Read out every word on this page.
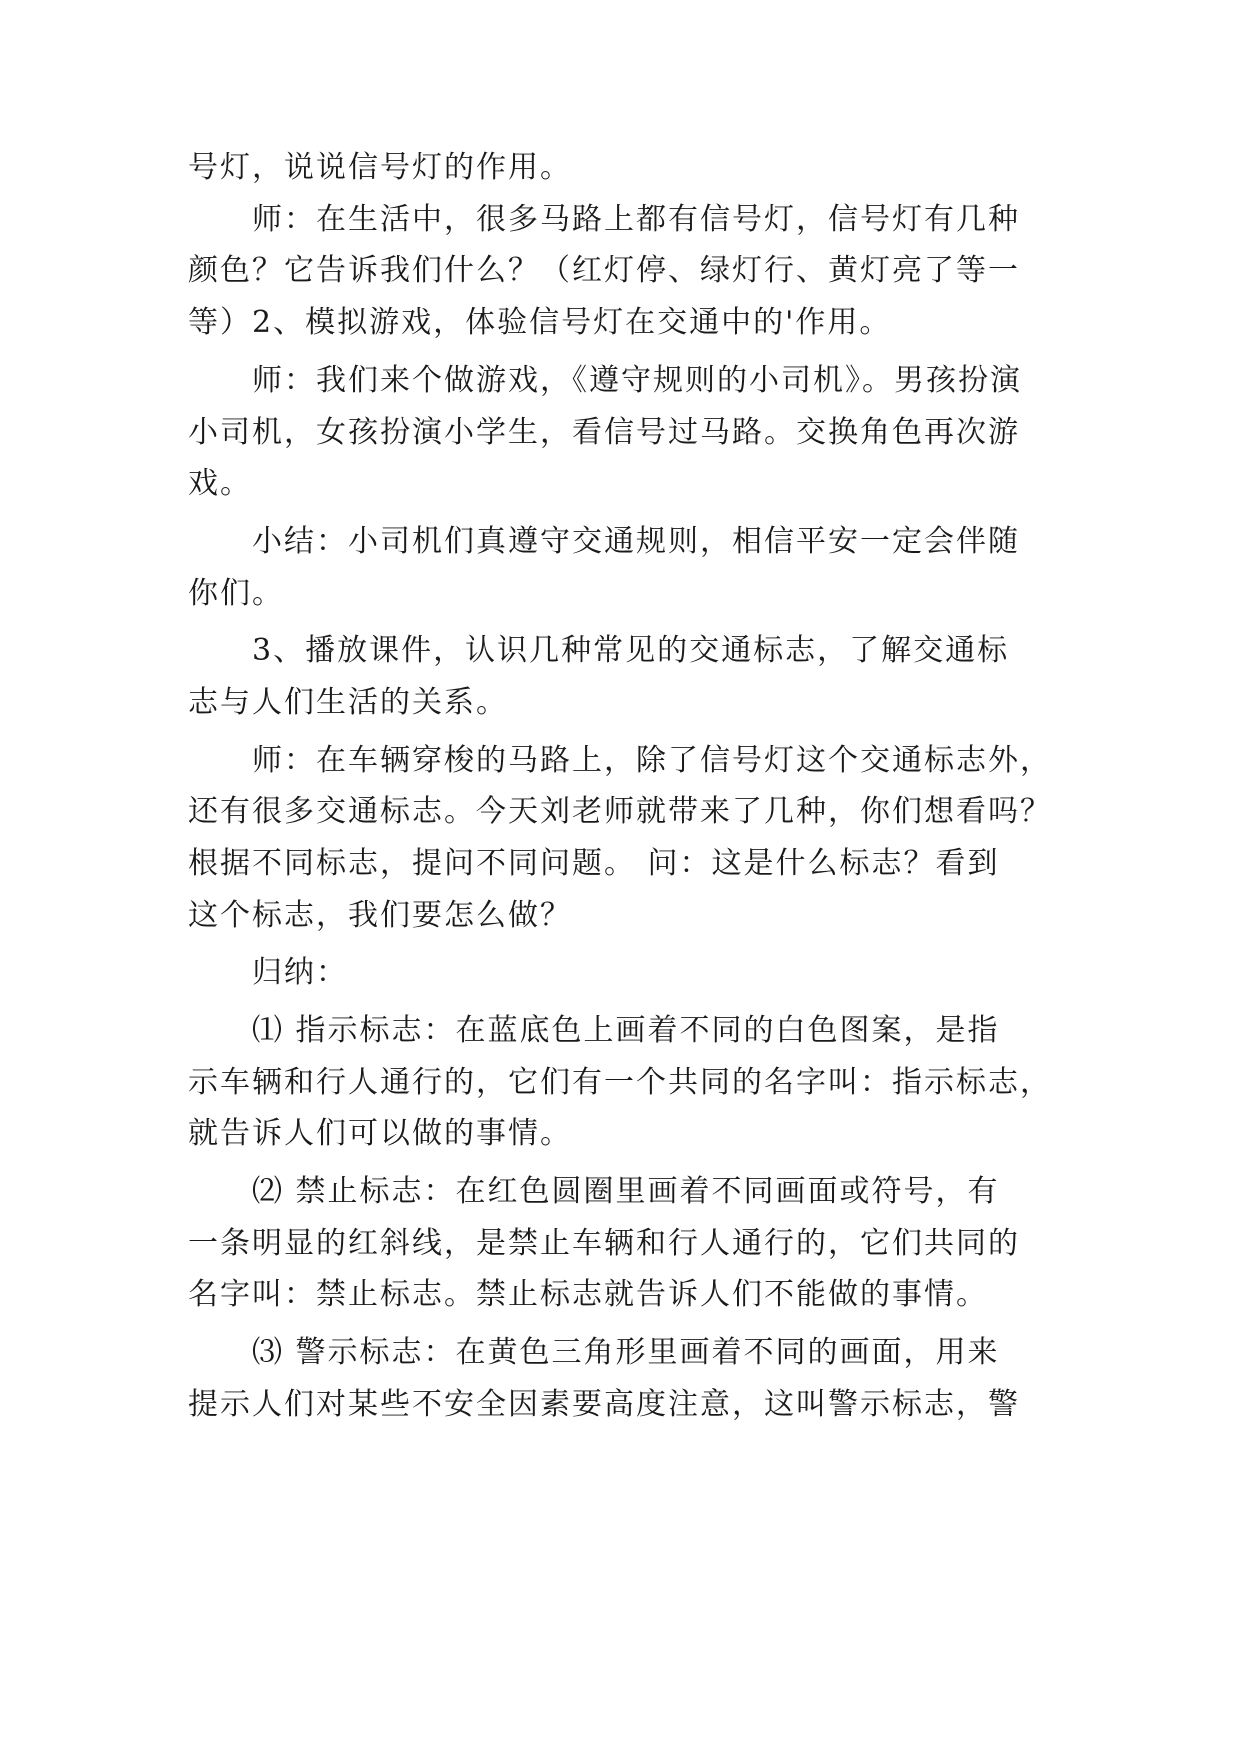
号灯，说说信号灯的作用。
师：在生活中，很多马路上都有信号灯，信号灯有几种
颜色？它告诉我们什么？（红灯停、绿灯行、黄灯亮了等一
等）2、模拟游戏，体验信号灯在交通中的'作用。
师：我们来个做游戏，《遵守规则的小司机》。男孩扮演
小司机，女孩扮演小学生，看信号过马路。交换角色再次游
戏。
小结：小司机们真遵守交通规则，相信平安一定会伴随
你们。
3、播放课件，认识几种常见的交通标志，了解交通标
志与人们生活的关系。
师：在车辆穿梭的马路上，除了信号灯这个交通标志外，
还有很多交通标志。今天刘老师就带来了几种，你们想看吗？
根据不同标志，提问不同问题。 问：这是什么标志？看到
这个标志，我们要怎么做？
归纳：
⑴ 指示标志：在蓝底色上画着不同的白色图案，是指
示车辆和行人通行的，它们有一个共同的名字叫：指示标志，
就告诉人们可以做的事情。
⑵ 禁止标志：在红色圆圈里画着不同画面或符号，有
一条明显的红斜线，是禁止车辆和行人通行的，它们共同的
名字叫：禁止标志。禁止标志就告诉人们不能做的事情。
⑶ 警示标志：在黄色三角形里画着不同的画面，用来
提示人们对某些不安全因素要高度注意，这叫警示标志，警
